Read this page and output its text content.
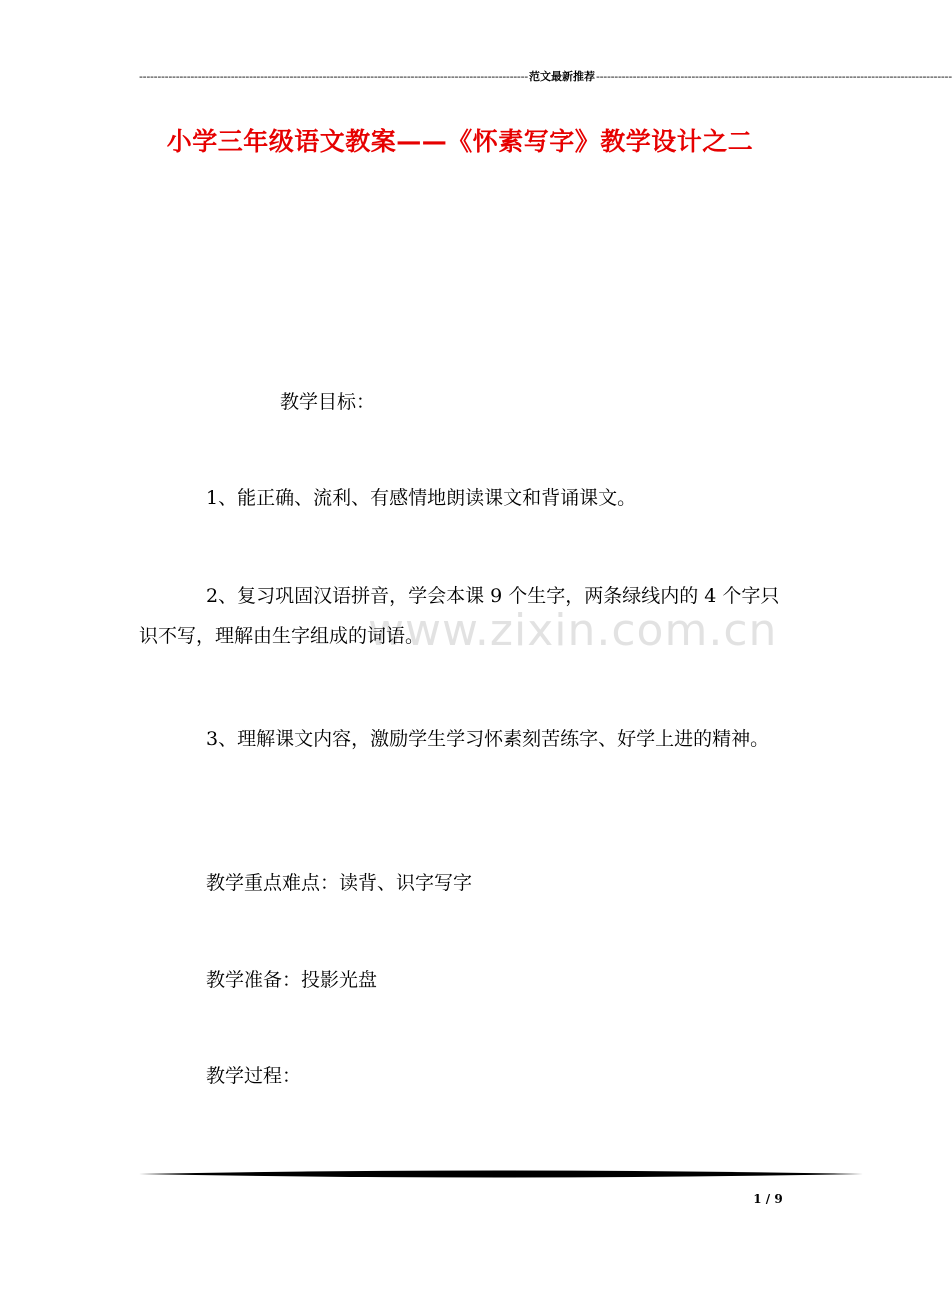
---------------------------------------------------------------------------------------------------------- 范文最新推荐 -------------------------------------------------------------------------------------------------
小学三年级语文教案——《怀素写字》教学设计之二
www.zixin.com.cn
教学目标：
1、能正确、流利、有感情地朗读课文和背诵课文。
2、复习巩固汉语拼音，学会本课 9 个生字，两条绿线内的 4 个字只识不写，理解由生字组成的词语。
3、理解课文内容，激励学生学习怀素刻苦练字、好学上进的精神。
教学重点难点：读背、识字写字
教学准备：投影光盘
教学过程：
1 / 9
